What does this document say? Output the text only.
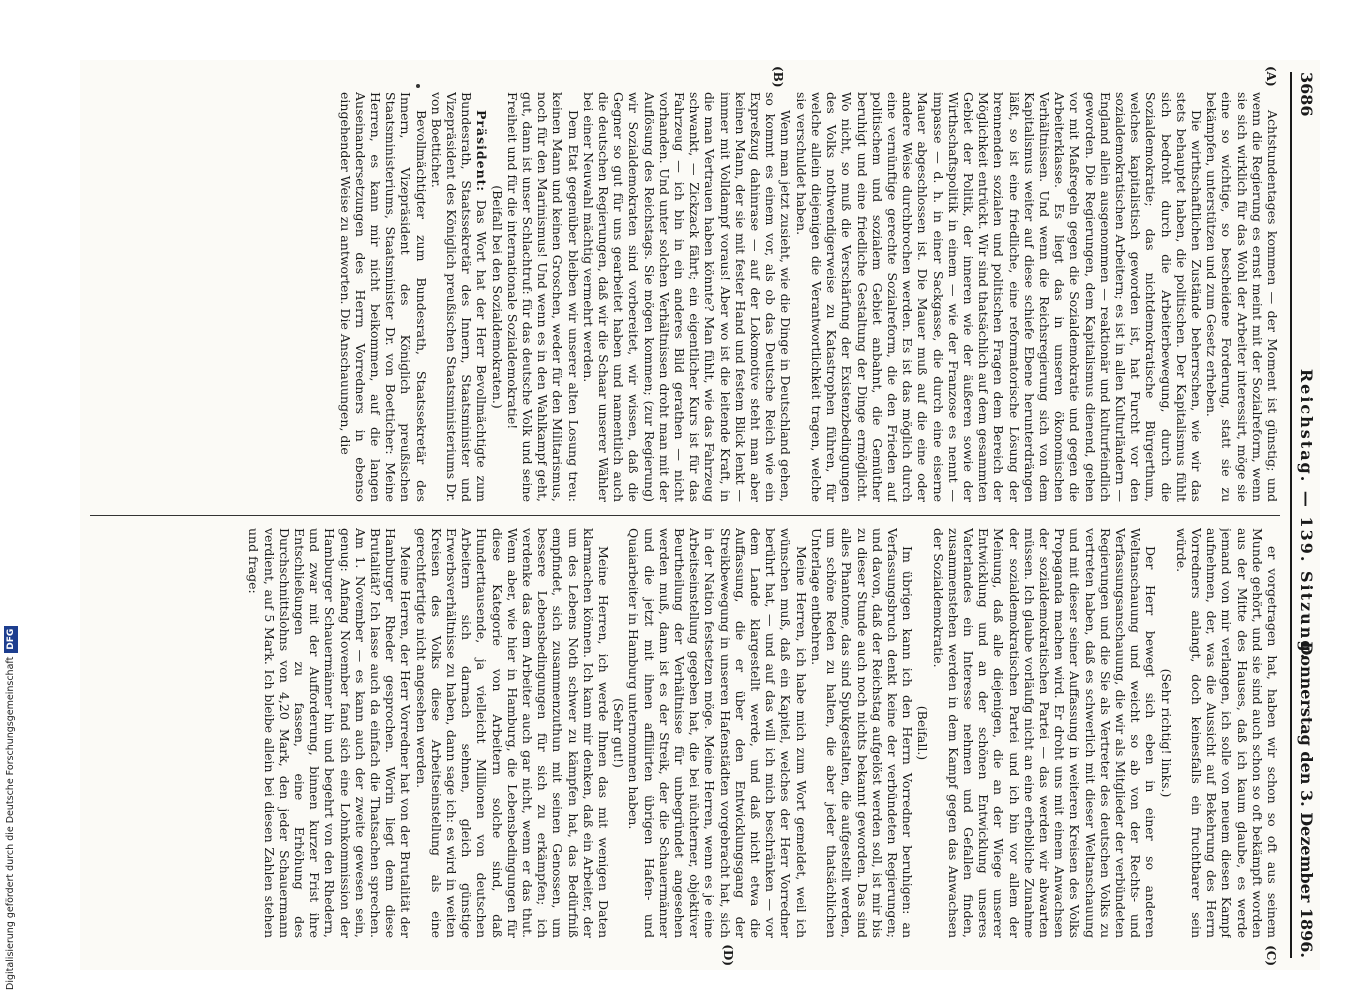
3686
Reichstag. — 139. Sitzung.
Donnerstag den 3. Dezember 1896.
(A)
(B)
(C)
(D)

Achtstundentages kommen — der Moment ist günstig; und wenn die Regierung es ernst meint mit der Sozialreform, wenn sie sich wirklich für das Wohl der Arbeiter interessirt, möge sie eine so wichtige, so bescheidene Forderung, statt sie zu bekämpfen, unterstützen und zum Gesetz erheben.

Die wirthschaftlichen Zustände beherrschen, wie wir das stets behauptet haben, die politischen. Der Kapitalismus fühlt sich bedroht durch die Arbeiterbewegung, durch die Sozialdemokratie; das nichtdemokratische Bürgerthum, welches kapitalistisch geworden ist, hat Furcht vor den sozialdemokratischen Arbeitern; es ist in allen Kulturländern — England allein ausgenommen — reaktionär und kulturfeindlich geworden. Die Regierungen, dem Kapitalismus dienend, gehen vor mit Maßregeln gegen die Sozialdemokratie und gegen die Arbeiterklasse. Es liegt das in unseren ökonomischen Verhältnissen. Und wenn die Reichsregierung sich von dem Kapitalismus weiter auf diese schiefe Ebene herunterdrängen läßt, so ist eine friedliche, eine reformatorische Lösung der brennenden sozialen und politischen Fragen dem Bereich der Möglichkeit entrückt. Wir sind thatsächlich auf dem gesammten Gebiet der Politik, der inneren wie der äußeren sowie der Wirthschaftspolitik in einem — wie der Franzose es nennt — impasse — d. h. in einer Sackgasse, die durch eine eiserne Mauer abgeschlossen ist. Die Mauer muß auf die eine oder andere Weise durchbrochen werden. Es ist das möglich durch eine vernünftige gerechte Sozialreform, die den Frieden auf politischem und sozialem Gebiet anbahnt, die Gemüther beruhigt und eine friedliche Gestaltung der Dinge ermöglicht. Wo nicht, so muß die Verschärfung der Existenzbedingungen des Volks nothwendigerweise zu Katastrophen führen, für welche allein diejenigen die Verantwortlichkeit tragen, welche sie verschuldet haben.

Wenn man jetzt zusieht, wie die Dinge in Deutschland gehen, so kommt es einem vor, als ob das Deutsche Reich wie ein Expreßzug dahinrase — auf der Lokomotive steht man aber keinen Mann, der sie mit fester Hand und festem Blick lenkt — immer mit Volldampf voraus! Aber wo ist die leitende Kraft, in die man Vertrauen haben könnte? Man fühlt, wie das Fahrzeug schwankt, — Zickzack fährt; ein eigentlicher Kurs ist für das Fahrzeug — ich bin in ein anderes Bild gerathen — nicht vorhanden. Und unter solchen Verhältnissen droht man mit der Auflösung des Reichstags. Sie mögen kommen; (zur Regierung) wir Sozialdemokraten sind vorbereitet, wir wissen, daß die Gegner so gut für uns gearbeitet haben und namentlich auch die deutschen Regierungen, daß wir die Schaar unserer Wähler bei einer Neuwahl mächtig vermehrt werden.

Dem Etat gegenüber bleiben wir unserer alten Losung treu: keinen Mann und keinen Groschen, weder für den Militarismus, noch für den Marinismus! Und wenn es in den Wahlkampf geht, gut, dann ist unser Schlachtruf: für das deutsche Volk und seine Freiheit und für die internationale Sozialdemokratie!

(Beifall bei den Sozialdemokraten.)

Präsident: Das Wort hat der Herr Bevollmächtigte zum Bundesrath, Staatssekretär des Innern, Staatsminister und Vizepräsident des Königlich preußischen Staatsministeriums Dr. von Boetticher.

Bevollmächtigter zum Bundesrath, Staatssekretär des Innern, Vizepräsident des Königlich preußischen Staatsministeriums, Staatsminister Dr. von Boetticher: Meine Herren, es kann mir nicht beikommen, auf die langen Auseinandersetzungen des Herrn Vorredners in ebenso eingehender Weise zu antworten. Die Anschauungen, die

er vorgetragen hat, haben wir schon so oft aus seinem Munde gehört, und sie sind auch schon so oft bekämpft worden aus der Mitte des Hauses, daß ich kaum glaube, es werde jemand von mir verlangen, ich solle von neuem diesen Kampf aufnehmen, der, was die Aussicht auf Bekehrung des Herrn Vorredners anlangt, doch keinesfalls ein fruchtbarer sein würde.

(Sehr richtig! links.)

Der Herr bewegt sich eben in einer so anderen Weltanschauung und weicht so ab von der Rechts- und Verfassungsanschauung, die wir als Mitglieder der verbündeten Regierungen und die Sie als Vertreter des deutschen Volks zu vertreten haben, daß es schwerlich mit dieser Weltanschauung und mit dieser seiner Auffassung in weiteren Kreisen des Volks Propaganda machen wird. Er droht uns mit einem Anwachsen der sozialdemokratischen Partei — das werden wir abwarten müssen. Ich glaube vorläufig nicht an eine erhebliche Zunahme der sozialdemokratischen Partei und ich bin vor allem der Meinung, daß alle diejenigen, die an der Wiege unserer Entwicklung und an der schönen Entwicklung unseres Vaterlandes ein Interesse nehmen und Gefallen finden, zusammenstehen werden in dem Kampf gegen das Anwachsen der Sozialdemokratie.

(Beifall.)

Im übrigen kann ich den Herrn Vorredner beruhigen: an Verfassungsbruch denkt keine der verbündeten Regierungen; und davon, daß der Reichstag aufgelöst werden soll, ist mir bis zu dieser Stunde auch noch nichts bekannt geworden. Das sind alles Phantome, das sind Spukgestalten, die aufgestellt werden, um schöne Reden zu halten, die aber jeder thatsächlichen Unterlage entbehren.

Meine Herren, ich habe mich zum Wort gemeldet, weil ich wünschen muß, daß ein Kapitel, welches der Herr Vorredner berührt hat, — und auf das will ich mich beschränken — vor dem Lande klargestellt werde, und daß nicht etwa die Auffassung, die er über den Entwicklungsgang der Streikbewegung in unseren Hafenstädten vorgebracht hat, sich in der Nation festsetzen möge. Meine Herren, wenn es je eine Arbeitseinstellung gegeben hat, die bei nüchterner, objektiver Beurtheilung der Verhältnisse für unbegründet angesehen werden muß, dann ist es der Streik, der die Schauermänner und die jetzt mit ihnen affiliirten übrigen Hafen- und Quaiarbeiter in Hamburg unternommen haben.

(Sehr gut!)

Meine Herren, ich werde Ihnen das mit wenigen Daten klarmachen können. Ich kann mir denken, daß ein Arbeiter, der um des Lebens Noth schwer zu kämpfen hat, das Bedürfniß empfindet, sich zusammenzuthun mit seinen Genossen, um bessere Lebensbedingungen für sich zu erkämpfen; ich verdenke das dem Arbeiter auch gar nicht, wenn er das thut. Wenn aber, wie hier in Hamburg, die Lebensbedingungen für diese Kategorie von Arbeitern solche sind, daß Hunderttausende, ja vielleicht Millionen von deutschen Arbeitern sich darnach sehnen, gleich günstige Erwerbsverhältnisse zu haben, dann sage ich: es wird in weiten Kreisen des Volks diese Arbeitseinstellung als eine gerechtfertigte nicht angesehen werden.

Meine Herren, der Herr Vorredner hat von der Brutalität der Hamburger Rheder gesprochen. Worin liegt denn diese Brutalität? Ich lasse auch da einfach die Thatsachen sprechen. Am 1. November — es kann auch der zweite gewesen sein, genug: Anfang November fand sich eine Lohnkommission der Hamburger Schauermänner hin und begehrt von den Rhedern, und zwar mit der Aufforderung, binnen kurzer Frist ihre Entschließungen zu fassen, eine Erhöhung des Durchschnittslohns von 4,20 Mark, den jeder Schauermann verdient, auf 5 Mark. Ich bleibe allein bei diesen Zahlen stehen und frage:

Digitalisierung gefördert durch die Deutsche ForschungsgemeinschaftDFG
